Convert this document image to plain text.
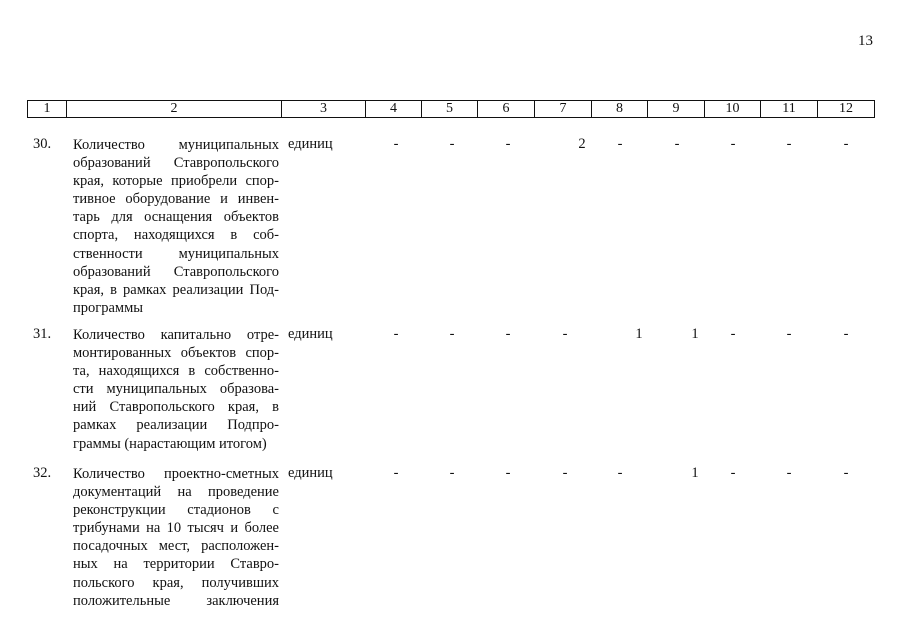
13
1	2	3	4	5	6	7	8	9	10	11	12
30.	Количество муниципальных
образований Ставропольского
края, которые приобрели спор-
тивное оборудование и инвен-
тарь для оснащения объектов
спорта, находящихся в соб-
ственности муниципальных
образований Ставропольского
края, в рамках реализации Под-
программы
единиц	-	-	-	2	-	-	-	-	-
31.	Количество капитально отре-
монтированных объектов спор-
та, находящихся в собственно-
сти муниципальных образова-
ний Ставропольского края, в
рамках реализации Подпро-
граммы (нарастающим итогом)
единиц	-	-	-	-	1	1	-	-	-
32.	Количество проектно-сметных
документаций на проведение
реконструкции стадионов с
трибунами на 10 тысяч и более
посадочных мест, расположен-
ных на территории Ставро-
польского края, получивших
положительные заключения
единиц	-	-	-	-	-	1	-	-	-
